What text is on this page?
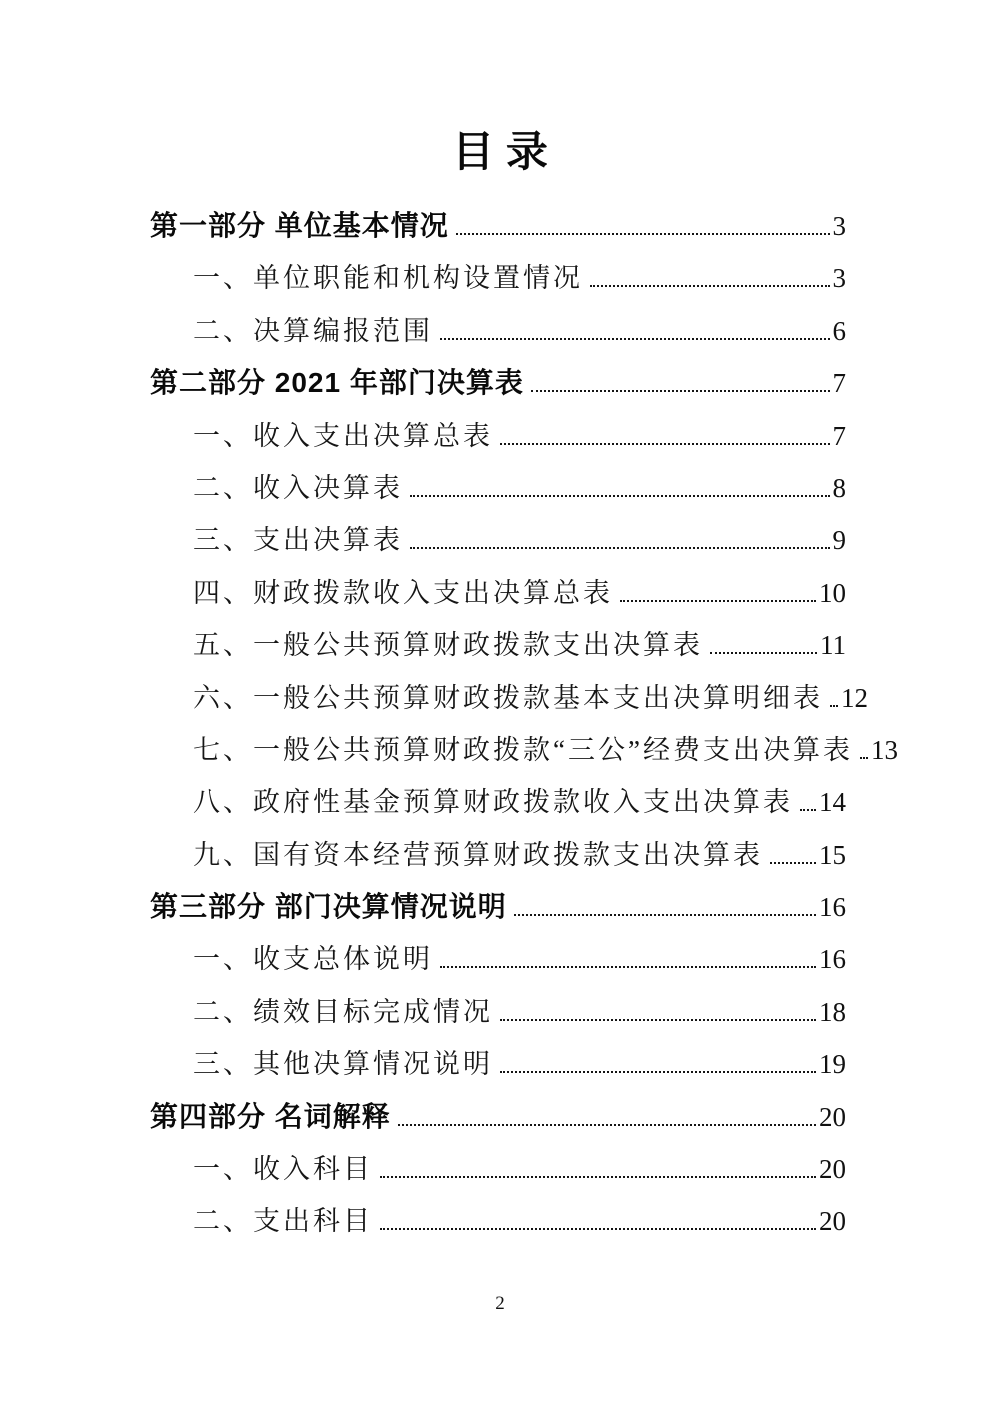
目 录
第一部分 单位基本情况	3
一、单位职能和机构设置情况	3
二、决算编报范围	6
第二部分 2021 年部门决算表	7
一、收入支出决算总表	7
二、收入决算表	8
三、支出决算表	9
四、财政拨款收入支出决算总表	10
五、一般公共预算财政拨款支出决算表	11
六、一般公共预算财政拨款基本支出决算明细表 12
七、一般公共预算财政拨款“三公”经费支出决算表 13
八、政府性基金预算财政拨款收入支出决算表 14
九、国有资本经营预算财政拨款支出决算表 15
第三部分 部门决算情况说明	16
一、收支总体说明	16
二、绩效目标完成情况	18
三、其他决算情况说明	19
第四部分 名词解释	20
一、收入科目	20
二、支出科目	20
2
